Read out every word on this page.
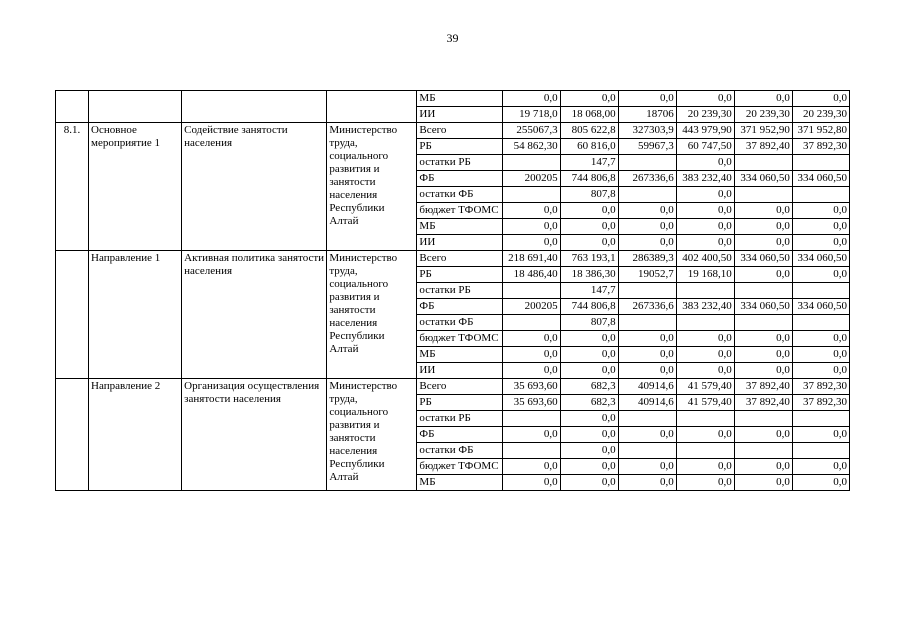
39
				МБ	0,0	0,0	0,0	0,0	0,0	0,0
				ИИ	19 718,0	18 068,00	18706	20 239,30	20 239,30	20 239,30
8.1.	Основное мероприятие 1	Содействие занятости населения	Министерство труда, социального развития и занятости населения Республики Алтай	Всего	255067,3	805 622,8	327303,9	443 979,90	371 952,90	371 952,80
				РБ	54 862,30	60 816,0	59967,3	60 747,50	37 892,40	37 892,30
				остатки РБ		147,7		0,0		
				ФБ	200205	744 806,8	267336,6	383 232,40	334 060,50	334 060,50
				остатки ФБ		807,8		0,0		
				бюджет ТФОМС	0,0	0,0	0,0	0,0	0,0	0,0
				МБ	0,0	0,0	0,0	0,0	0,0	0,0
				ИИ	0,0	0,0	0,0	0,0	0,0	0,0
	Направление 1	Активная политика занятости населения	Министерство труда, социального развития и занятости населения Республики Алтай	Всего	218 691,40	763 193,1	286389,3	402 400,50	334 060,50	334 060,50
				РБ	18 486,40	18 386,30	19052,7	19 168,10	0,0	0,0
				остатки РБ		147,7				
				ФБ	200205	744 806,8	267336,6	383 232,40	334 060,50	334 060,50
				остатки ФБ		807,8				
				бюджет ТФОМС	0,0	0,0	0,0	0,0	0,0	0,0
				МБ	0,0	0,0	0,0	0,0	0,0	0,0
				ИИ	0,0	0,0	0,0	0,0	0,0	0,0
	Направление 2	Организация осуществления занятости населения	Министерство труда, социального развития и занятости населения Республики Алтай	Всего	35 693,60	682,3	40914,6	41 579,40	37 892,40	37 892,30
				РБ	35 693,60	682,3	40914,6	41 579,40	37 892,40	37 892,30
				остатки РБ		0,0				
				ФБ	0,0	0,0	0,0	0,0	0,0	0,0
				остатки ФБ		0,0				
				бюджет ТФОМС	0,0	0,0	0,0	0,0	0,0	0,0
				МБ	0,0	0,0	0,0	0,0	0,0	0,0
